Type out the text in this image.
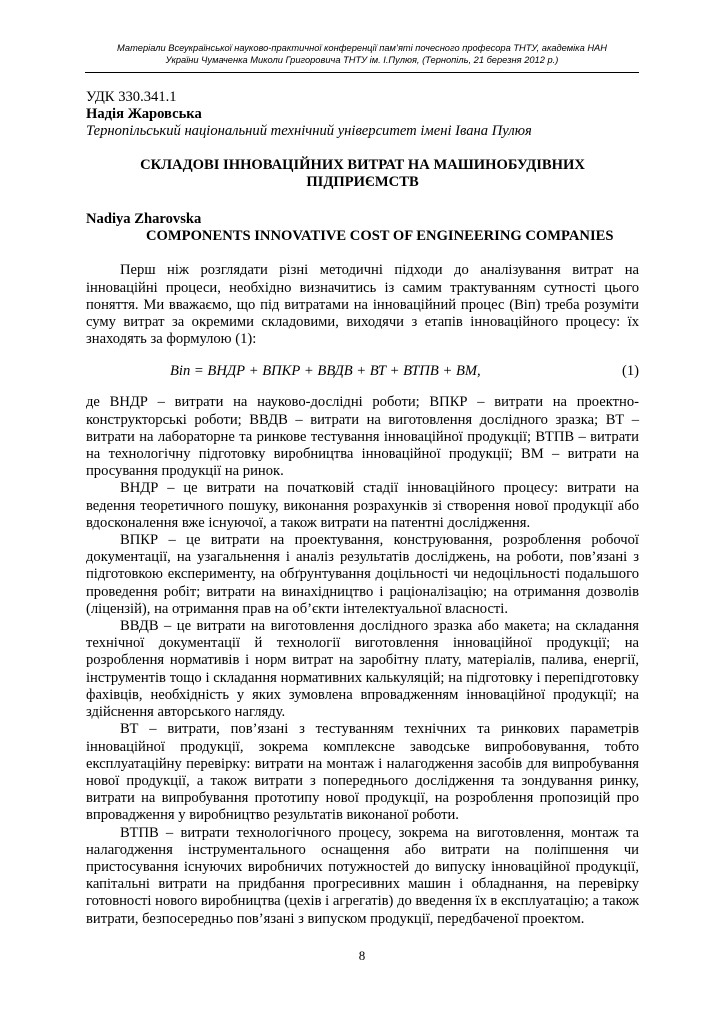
Матеріали Всеукраїнської науково-практичної конференції пам’яті почесного професора ТНТУ, академіка НАН
України Чумаченка Миколи Григоровича ТНТУ ім. І.Пулюя, (Тернопіль, 21 березня 2012 р.)

УДК 330.341.1

Надія Жаровська

Тернопільський національний технічний університет імені Івана Пулюя

СКЛАДОВІ ІННОВАЦІЙНИХ ВИТРАТ НА МАШИНОБУДІВНИХ ПІДПРИЄМСТВ

Nadiya Zharovska

COMPONENTS INNOVATIVE COST OF ENGINEERING COMPANIES

Перш ніж розглядати різні методичні підходи до аналізування витрат на інноваційні процеси, необхідно визначитись із самим трактуванням сутності цього поняття. Ми вважаємо, що під витратами на інноваційний процес (Віп) треба розуміти суму витрат за окремими складовими, виходячи з етапів інноваційного процесу: їх знаходять за формулою (1):

Віп = ВНДР + ВПКР + ВВДВ + ВТ + ВТПВ + ВМ,	(1)

де ВНДР – витрати на науково-дослідні роботи; ВПКР – витрати на проектно-конструкторські роботи; ВВДВ – витрати на виготовлення дослідного зразка; ВТ – витрати на лабораторне та ринкове тестування інноваційної продукції; ВТПВ – витрати на технологічну підготовку виробництва інноваційної продукції; ВМ – витрати на просування продукції на ринок.

ВНДР – це витрати на початковій стадії інноваційного процесу: витрати на ведення теоретичного пошуку, виконання розрахунків зі створення нової продукції або вдосконалення вже існуючої, а також витрати на патентні дослідження.

ВПКР – це витрати на проектування, конструювання, розроблення робочої документації, на узагальнення і аналіз результатів досліджень, на роботи, пов’язані з підготовкою експерименту, на обґрунтування доцільності чи недоцільності подальшого проведення робіт; витрати на винахідництво і раціоналізацію; на отримання дозволів (ліцензій), на отримання прав на об’єкти інтелектуальної власності.

ВВДВ – це витрати на виготовлення дослідного зразка або макета; на складання технічної документації й технології виготовлення інноваційної продукції; на розроблення нормативів і норм витрат на заробітну плату, матеріалів, палива, енергії, інструментів тощо і складання нормативних калькуляцій; на підготовку і перепідготовку фахівців, необхідність у яких зумовлена впровадженням інноваційної продукції; на здійснення авторського нагляду.

ВТ – витрати, пов’язані з тестуванням технічних та ринкових параметрів інноваційної продукції, зокрема комплексне заводське випробовування, тобто експлуатаційну перевірку: витрати на монтаж і налагодження засобів для випробування нової продукції, а також витрати з попереднього дослідження та зондування ринку, витрати на випробування прототипу нової продукції, на розроблення пропозицій про впровадження у виробництво результатів виконаної роботи.

ВТПВ – витрати технологічного процесу, зокрема на виготовлення, монтаж та налагодження інструментального оснащення або витрати на поліпшення чи пристосування існуючих виробничих потужностей до випуску інноваційної продукції, капітальні витрати на придбання прогресивних машин і обладнання, на перевірку готовності нового виробництва (цехів і агрегатів) до введення їх в експлуатацію; а також витрати, безпосередньо пов’язані з випуском продукції, передбаченої проектом.

8
